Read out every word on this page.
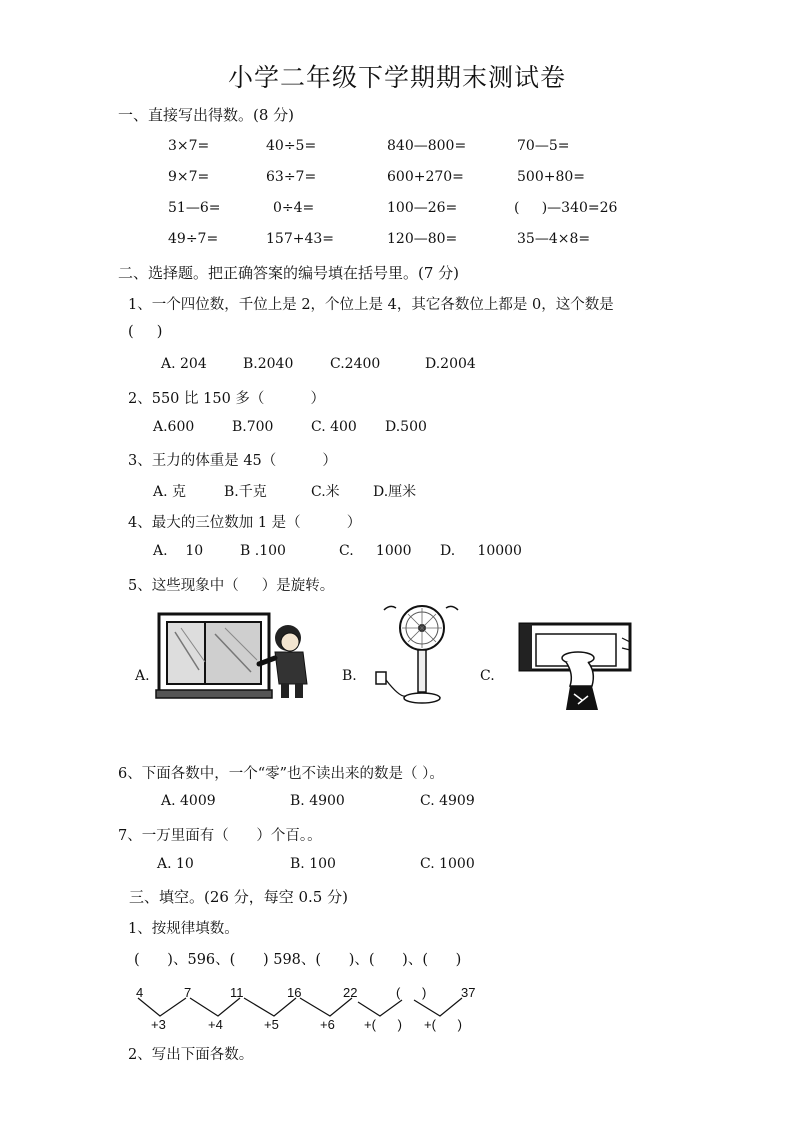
小学二年级下学期期末测试卷
一、直接写出得数。(8 分)
3×7=	40÷5=	840—800=	70—5=
9×7=	63÷7=	600+270=	500+80=
51—6=	0÷4=	100—26=	(     )—340=26
49÷7=	157+43=	120—80=	35—4×8=
二、选择题。把正确答案的编号填在括号里。(7 分)
1、一个四位数，千位上是 2，个位上是 4，其它各数位上都是 0，这个数是
(     )
A. 204	B.2040	C.2400	D.2004
2、550 比 150 多（          ）
A.600	B.700	C. 400 D.500
3、王力的体重是 45（          ）
A. 克	B.千克	C.米 D.厘米
4、最大的三位数加 1 是（          ）
A.    10	B .100	C.     1000 D.     10000
5、这些现象中（     ）是旋转。
A.	B.	C.
6、下面各数中，一个“零”也不读出来的数是（ ）。
A. 4009	B. 4900	C. 4909
7、一万里面有（      ）个百。。
A. 10	B. 100	C. 1000
三、填空。(26 分，每空 0.5 分)
1、按规律填数。
(      )、596、(      ) 598、(      )、(      )、(      )
4	7	11	16	22	(      )	37
+3	+4	+5	+6 +(      ) +(      )
2、写出下面各数。
